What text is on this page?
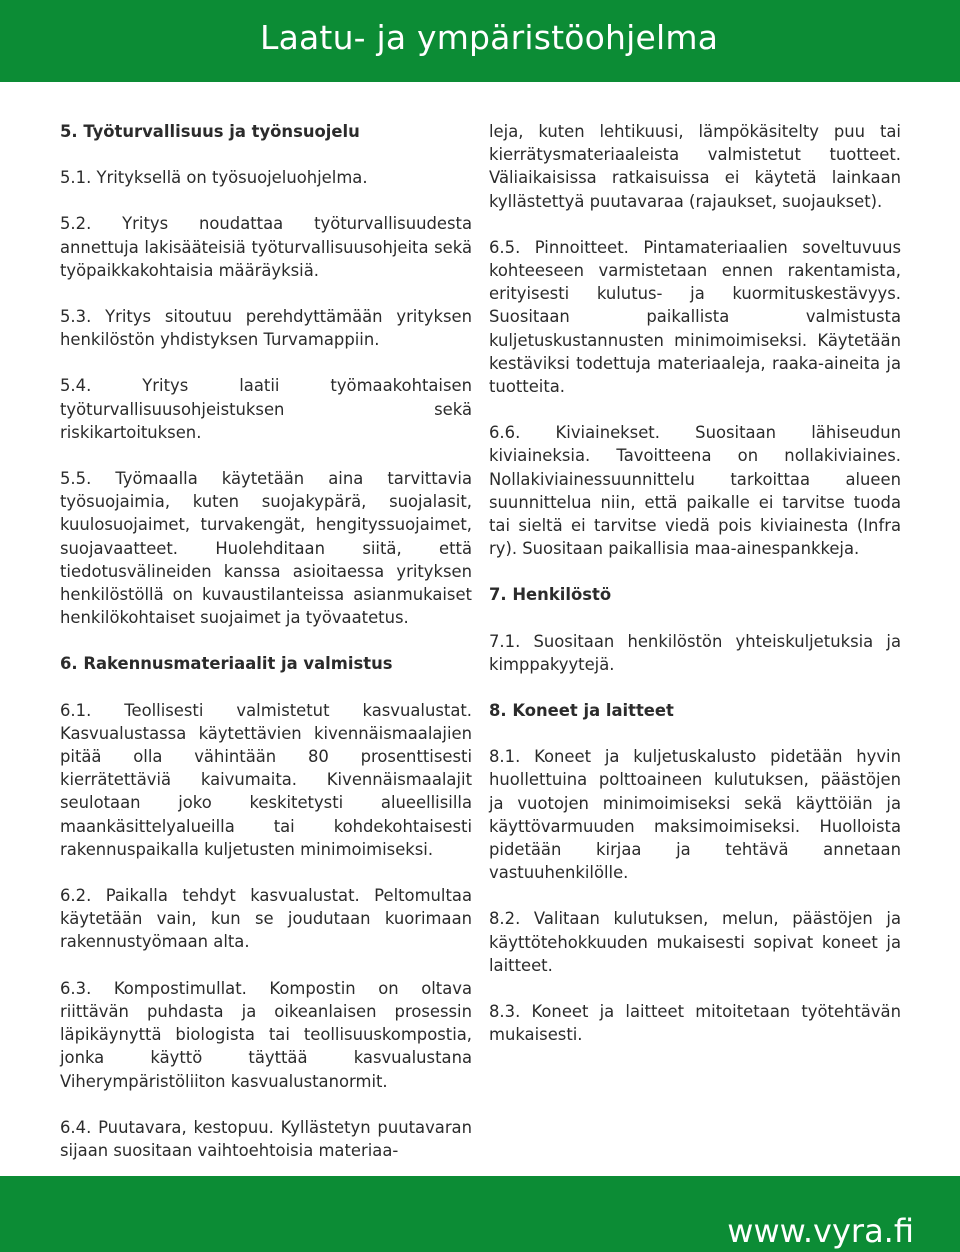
Laatu- ja ympäristöohjelma
5. Työturvallisuus ja työnsuojelu

5.1. Yrityksellä on työsuojeluohjelma.

5.2. Yritys noudattaa työturvallisuudesta annettuja lakisääteisiä työturvallisuusohjeita sekä työpaikkakohtaisia määräyksiä.

5.3. Yritys sitoutuu perehdyttämään yrityksen henkilöstön yhdistyksen Turvamappiin.

5.4. Yritys laatii työmaakohtaisen työturvallisuusohjeistuksen sekä riskikartoituksen.

5.5. Työmaalla käytetään aina tarvittavia työsuojaimia, kuten suojakypärä, suojalasit, kuulosuojaimet, turvakengät, hengityssuojaimet, suojavaatteet. Huolehditaan siitä, että tiedotusvälineiden kanssa asioitaessa yrityksen henkilöstöllä on kuvaustilanteissa asianmukaiset henkilökohtaiset suojaimet ja työvaatetus.

6. Rakennusmateriaalit ja valmistus

6.1. Teollisesti valmistetut kasvualustat. Kasvualustassa käytettävien kivennäismaalajien pitää olla vähintään 80 prosenttisesti kierrätettäviä kaivumaita. Kivennäismaalajit seulotaan joko keskitetysti alueellisilla maankäsittelyalueilla tai kohdekohtaisesti rakennuspaikalla kuljetusten minimoimiseksi.

6.2. Paikalla tehdyt kasvualustat. Peltomultaa käytetään vain, kun se joudutaan kuorimaan rakennustyömaan alta.

6.3. Kompostimullat. Kompostin on oltava riittävän puhdasta ja oikeanlaisen prosessin läpikäynyttä biologista tai teollisuuskompostia, jonka käyttö täyttää kasvualustana Viherympäristöliiton kasvualustanormit.

6.4. Puutavara, kestopuu. Kyllästetyn puutavaran sijaan suositaan vaihtoehtoisia materiaa-

leja, kuten lehtikuusi, lämpökäsitelty puu tai kierrätysmateriaaleista valmistetut tuotteet. Väliaikaisissa ratkaisuissa ei käytetä lainkaan kyllästettyä puutavaraa (rajaukset, suojaukset).

6.5. Pinnoitteet. Pintamateriaalien soveltuvuus kohteeseen varmistetaan ennen rakentamista, erityisesti kulutus- ja kuormituskestävyys. Suositaan paikallista valmistusta kuljetuskustannusten minimoimiseksi. Käytetään kestäviksi todettuja materiaaleja, raaka-aineita ja tuotteita.

6.6. Kiviainekset. Suositaan lähiseudun kiviaineksia. Tavoitteena on nollakiviaines. Nollakiviainessuunnittelu tarkoittaa alueen suunnittelua niin, että paikalle ei tarvitse tuoda tai sieltä ei tarvitse viedä pois kiviainesta (Infra ry). Suositaan paikallisia maa-ainespankkeja.

7. Henkilöstö

7.1. Suositaan henkilöstön yhteiskuljetuksia ja kimppakyytejä.

8. Koneet ja laitteet

8.1. Koneet ja kuljetuskalusto pidetään hyvin huollettuina polttoaineen kulutuksen, päästöjen ja vuotojen minimoimiseksi sekä käyttöiän ja käyttövarmuuden maksimoimiseksi. Huolloista pidetään kirjaa ja tehtävä annetaan vastuuhenkilölle.

8.2. Valitaan kulutuksen, melun, päästöjen ja käyttötehokkuuden mukaisesti sopivat koneet ja laitteet.

8.3. Koneet ja laitteet mitoitetaan työtehtävän mukaisesti.

www.vyra.fi
